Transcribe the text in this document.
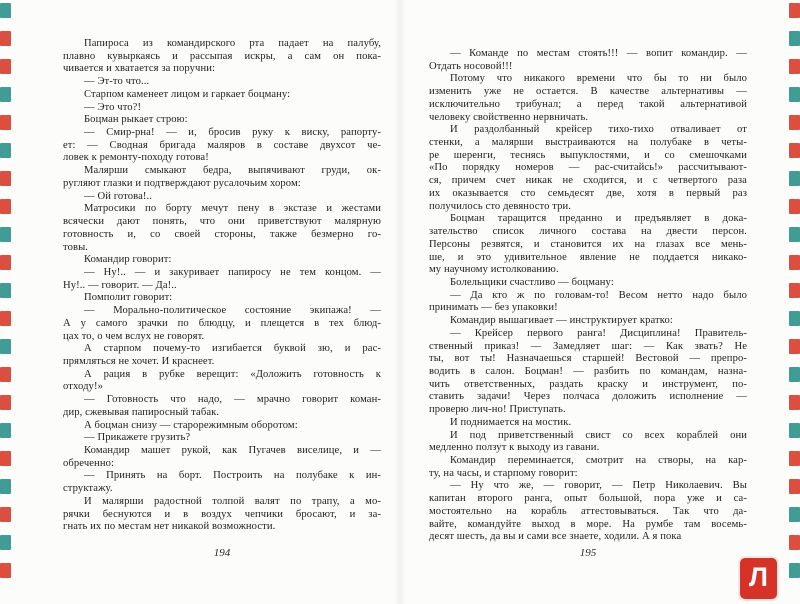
Папироса из командирского рта падает на палубу,
плавно кувыркаясь и рассыпая искры, а сам он пока-
чивается и хватается за поручни:
— Эт-то что...
Старпом каменеет лицом и гаркает боцману:
— Это что?!
Боцман рыкает строю:
— Смир-рна! — и, бросив руку к виску, рапорту-
ет: — Сводная бригада маляров в составе двухсот че-
ловек к ремонту-походу готова!
Малярши смыкают бедра, выпячивают груди, ок-
ругляют глазки и подтверждают русалочьим хором:
— Ой готова!..
Матросики по борту мечут пену в экстазе и жестами
всячески дают понять, что они приветствуют малярную
готовность и, со своей стороны, также безмерно го-
товы.
Командир говорит:
— Ну!.. — и закуривает папиросу не тем концом. —
Ну!.. — говорит. — Да!..
Помполит говорит:
— Морально-политическое состояние экипажа! —
А у самого зрачки по блюдцу, и плещется в тех блюд-
цах то, о чем вслух не говорят.
А старпом почему-то изгибается буквой зю, и рас-
прямляться не хочет. И краснеет.
А рация в рубке верещит: «Доложить готовность к
отходу!»
— Готовность что надо, — мрачно говорит коман-
дир, сжевывая папиросный табак.
А боцман снизу — старорежимным оборотом:
— Прикажете грузить?
Командир машет рукой, как Пугачев виселице, и —
обреченно:
— Принять на борт. Построить на полубаке к ин-
структажу.
И малярши радостной толпой валят по трапу, а мо-
рячки беснуются и в воздух чепчики бросают, и за-
гнать их по местам нет никакой возможности.
— Команде по местам стоять!!! — вопит командир. —
Отдать носовой!!!
Потому что никакого времени что бы то ни было
изменить уже не остается. В качестве альтернативы —
исключительно трибунал; а перед такой альтернативой
человеку свойственно нервничать.
И раздолбанный крейсер тихо-тихо отваливает от
стенки, а малярши выстраиваются на полубаке в четы-
ре шеренги, теснясь выпуклостями, и со смешочками
«По порядку номеров — рас-считайсь!» рассчитывают-
ся, причем счет никак не сходится, и с четвертого раза
их оказывается сто семьдесят две, хотя в первый раз
получилось сто девяносто три.
Боцман таращится преданно и предъявляет в дока-
зательство список личного состава на двести персон.
Персоны резвятся, и становится их на глазах все мень-
ше, и это удивительное явление не поддается никако-
му научному истолкованию.
Болельщики счастливо — боцману:
— Да кто ж по головам-то! Весом нетто надо было
принимать — без упаковки!
Командир вышагивает — инструктирует кратко:
— Крейсер первого ранга! Дисциплина! Правитель-
ственный приказ! — Замедляет шаг: — Как звать? Не
ты, вот ты! Назначаешься старшей! Вестовой — препро-
водить в салон. Боцман! — разбить по командам, назна-
чить ответственных, раздать краску и инструмент, по-
ставить задачи! Через полчаса доложить исполнение —
проверю лич-но! Приступать.
И поднимается на мостик.
И под приветственный свист со всех кораблей они
медленно ползут к выходу из гавани.
Командир переминается, смотрит на створы, на кар-
ту, на часы, и старпому говорит:
— Ну что же, — говорит, — Петр Николаевич. Вы
капитан второго ранга, опыт большой, пора уже и са-
мостоятельно на корабль аттестовываться. Так что да-
вайте, командуйте выход в море. На румбе там восемь-
десят шесть, да вы и сами все знаете, ходили. А я пока
194	195
Л
